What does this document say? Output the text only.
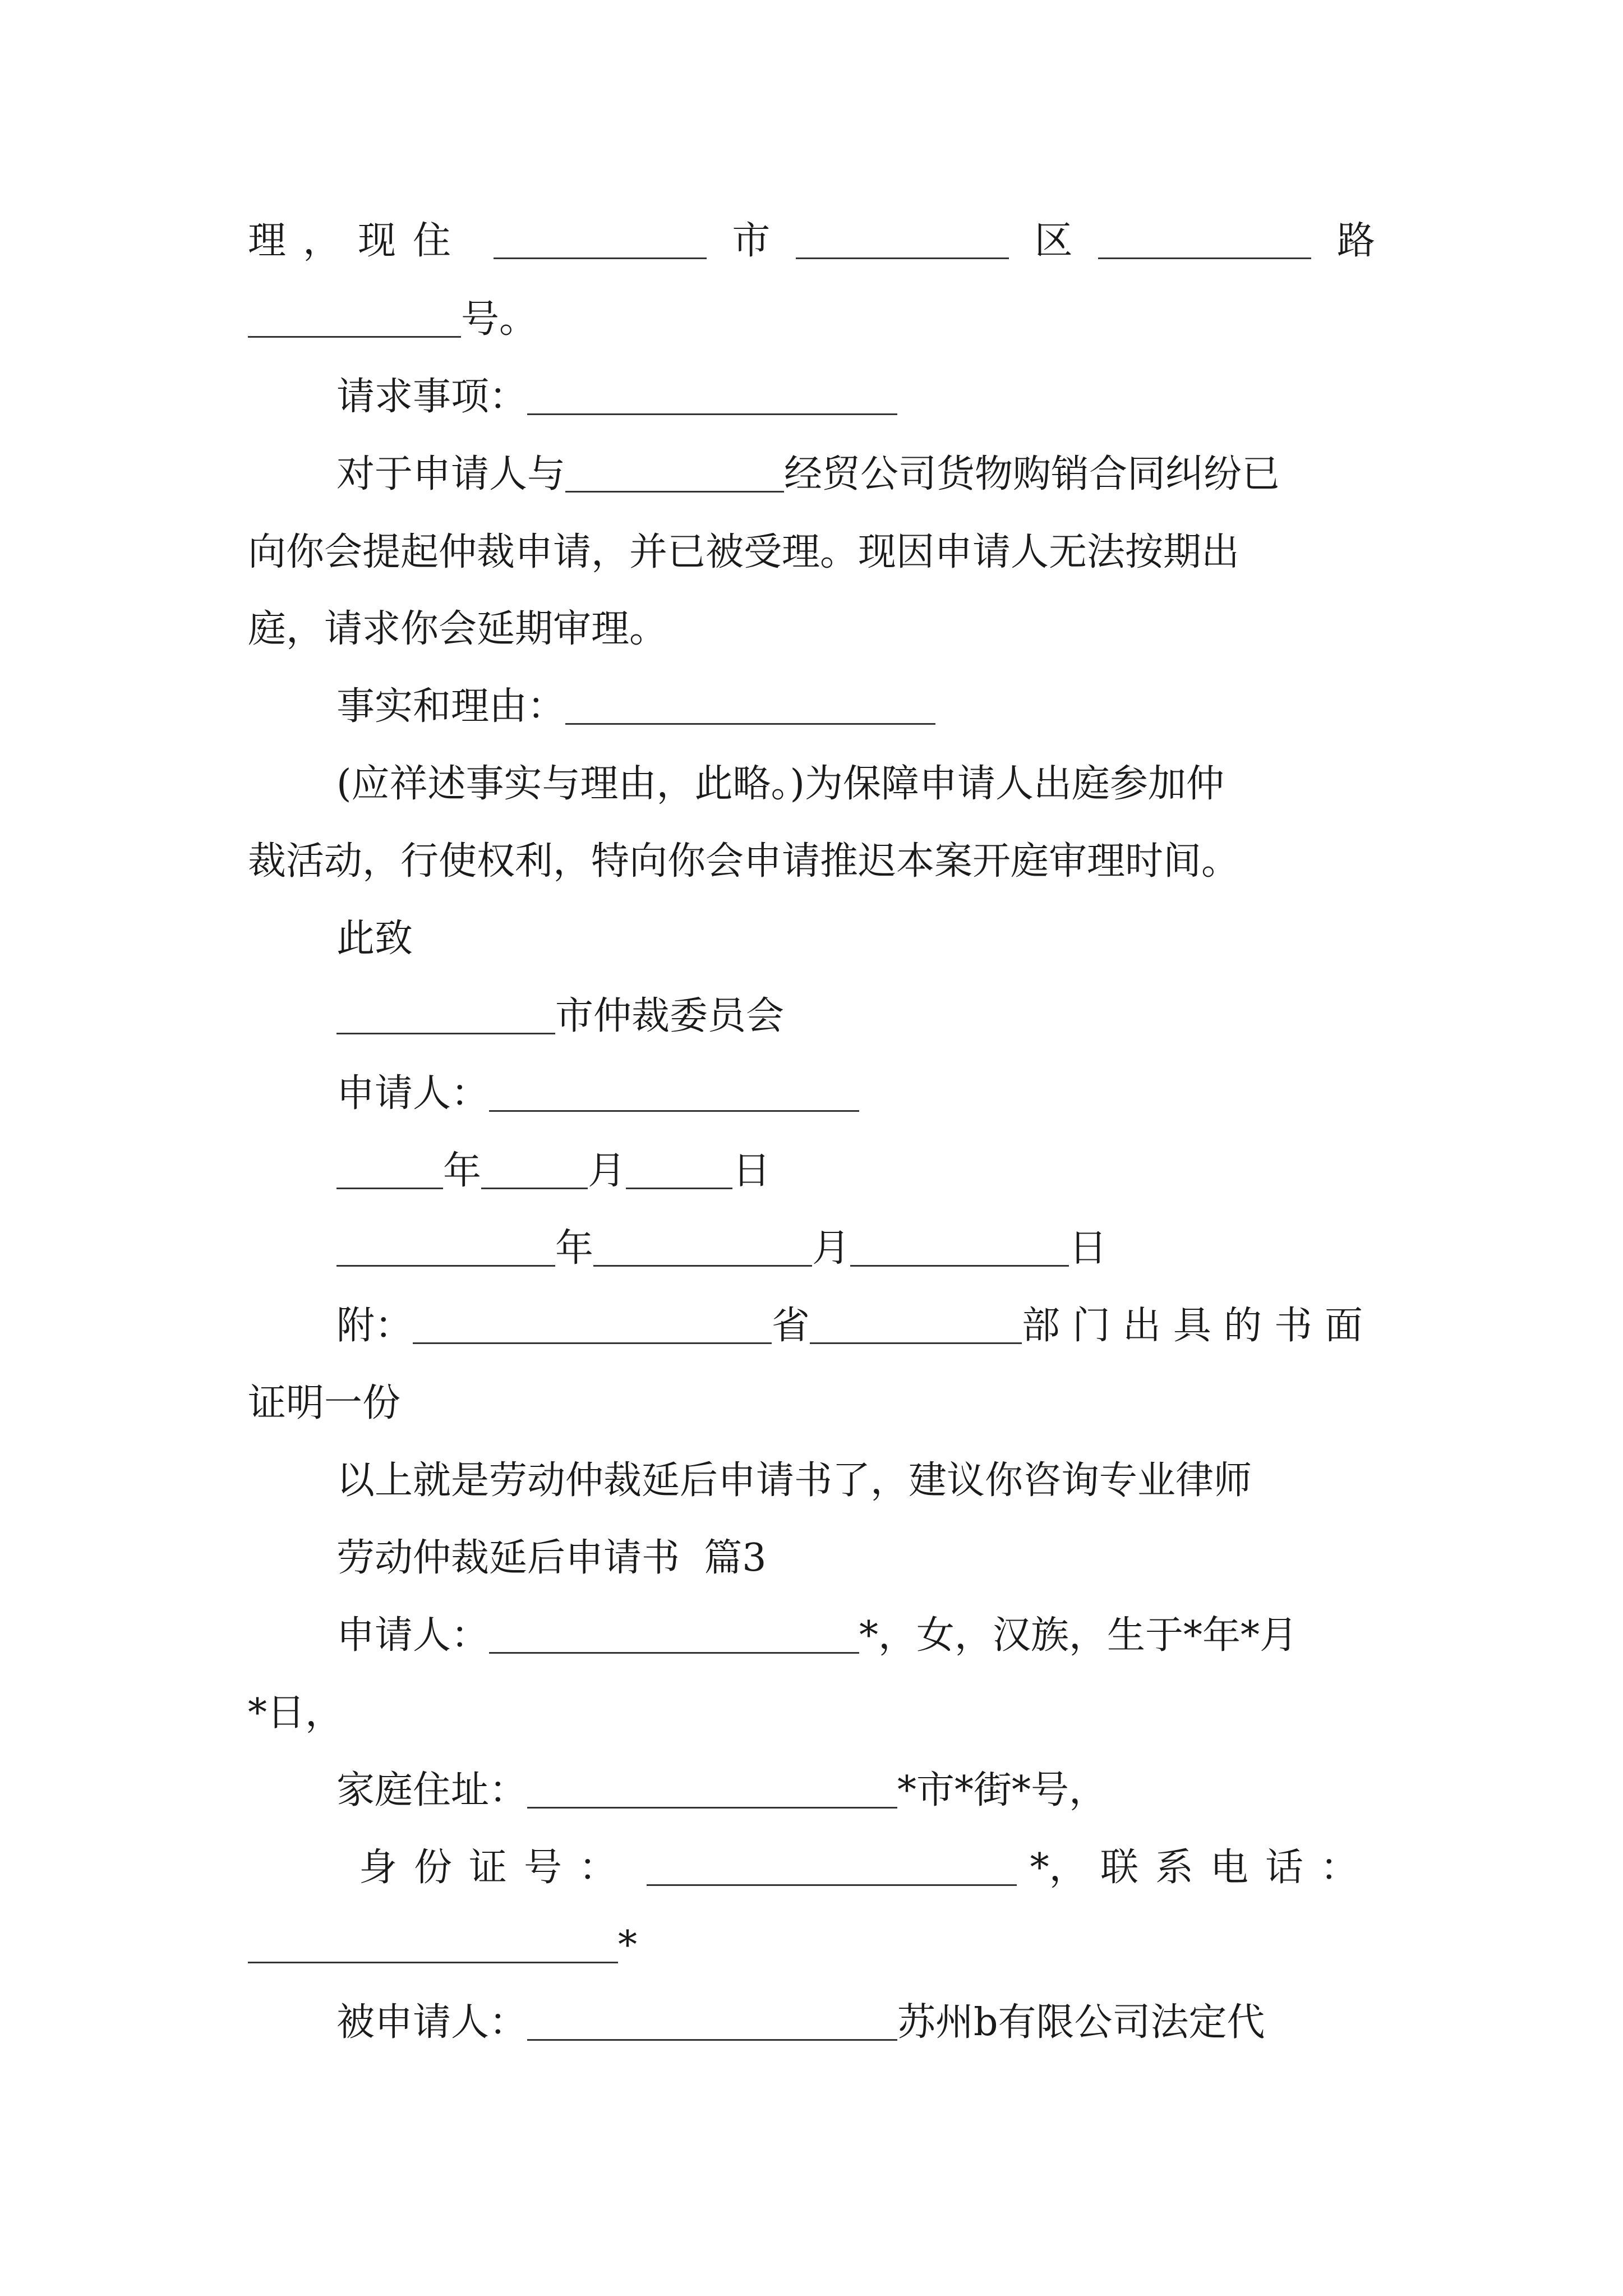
理，现住	市	区	路
号。
请求事项：
对于申请人与	经贸公司货物购销合同纠纷已
向你会提起仲裁申请，并已被受理。现因申请人无法按期出
庭，请求你会延期审理。
事实和理由：
(应祥述事实与理由，此略。)为保障申请人出庭参加仲
裁活动，行使权利，特向你会申请推迟本案开庭审理时间。
此致
市仲裁委员会
申请人：
年	月	日
年	月	日
附：	省	部门出具的书面
证明一份
以上就是劳动仲裁延后申请书了，建议你咨询专业律师
劳动仲裁延后申请书  篇3
申请人：	*，女，汉族，生于*年*月
*日，
家庭住址：	*市*街*号，
身份证号：	*， 联系电话：
*
被申请人：	苏州b有限公司法定代
